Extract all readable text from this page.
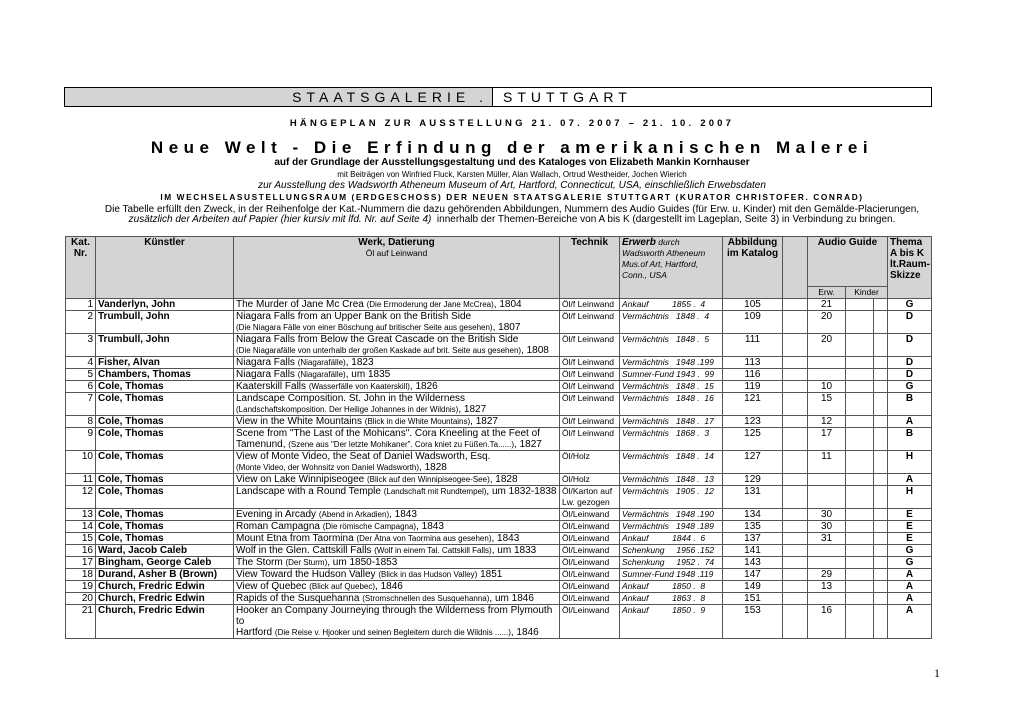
STAATSGALERIE .	STUTTGART
HÄNGEPLAN ZUR AUSSTELLUNG 21. 07. 2007 – 21. 10. 2007
Neue Welt - Die Erfindung der amerikanischen Malerei
auf der Grundlage der Ausstellungsgestaltung und des Kataloges von Elizabeth Mankin Kornhauser
mit Beiträgen von Winfried Fluck, Karsten Müller, Alan Wallach, Ortrud Westheider, Jochen Wierich
zur Ausstellung des Wadsworth Atheneum Museum of Art, Hartford, Connecticut, USA, einschließlich Erwebsdaten
IM WECHSELASUSTELLUNGSRAUM (ERDGESCHOSS) DER NEUEN STAATSGALERIE STUTTGART (KURATOR CHRISTOFER. CONRAD)
Die Tabelle erfüllt den Zweck, in der Reihenfolge der Kat.-Nummern die dazu gehörenden Abbildungen, Nummern des Audio Guides (für Erw. u. Kinder) mit den Gemälde-Placierungen,
zusätzlich der Arbeiten auf Papier (hier kursiv mit lfd. Nr. auf Seite 4) innerhalb der Themen-Bereiche von A bis K (dargestellt im Lageplan, Seite 3) in Verbindung zu bringen.
Kat. Nr.	Künstler	Werk, Datierung
Öl auf Leinwand	Technik	Erwerb durch Wadsworth Atheneum Mus.of Art, Hartford, Conn., USA	Abbildung im Katalog		Audio Guide			Thema A bis K lt.Raum-Skizze
							Erw.	Kinder		
1	Vanderlyn, John	The Murder of Jane Mc Crea (Die Ermoderung der Jane McCrea), 1804	Öl/f Leinwand	Ankauf          1855 .  4	105		21			G
2	Trumbull, John	Niagara Falls from an Upper Bank on the British Side
(Die Niagara Fälle von einer Böschung auf britischer Seite aus gesehen), 1807	Öl/f Leinwand	Vermächtnis   1848 .  4	109		20			D
3	Trumbull, John	Niagara Falls from Below the Great Cascade on the British Side
(Die Niagarafälle von unterhalb der großen Kaskade auf brit. Seite aus gesehen), 1808	Öl/f Leinwand	Vermächtnis   1848 .  5	111		20			D
4	Fisher, Alvan	Niagara Falls (Niagarafälle), 1823	Öl/f Leinwand	Vermächtnis   1948 .199	113					D
5	Chambers, Thomas	Niagara Falls (Niagarafälle), um 1835	Öl/f Leinwand	Sumner-Fund 1943 .  99	116					D
6	Cole, Thomas	Kaaterskill Falls (Wasserfälle von Kaaterskill), 1826	Öl/f Leinwand	Vermächtnis   1848 .  15	119		10			G
7	Cole, Thomas	Landscape Composition. St. John in the Wilderness
(Landschaftskomposition. Der Heilige Johannes in der Wildnis), 1827	Öl/f Leinwand	Vermächtnis   1848 .  16	121		15			B
8	Cole, Thomas	View in the White Mountains (Blick in die White Mountains), 1827	Öl/f Leinwand	Vermächtnis   1848 .  17	123		12			A
9	Cole, Thomas	Scene from "The Last of the Mohicans". Cora Kneeling at the Feet of
Tamenund, (Szene aus "Der letzte Mohikaner". Cora kniet zu Füßen.Ta......), 1827	Öl/f Leinwand	Vermächtnis   1868 .  3	125		17			B
10	Cole, Thomas	View of Monte Video, the Seat of Daniel Wadsworth, Esq.
(Monte Video, der Wohnsitz von Daniel Wadsworth), 1828	Öl/Holz	Vermächtnis   1848 .  14	127		11			H
11	Cole, Thomas	View on Lake Winnipiseogee (Blick auf den Winnipiseogee-See), 1828	Öl/Holz	Vermächtnis   1848 .  13	129					A
12	Cole, Thomas	Landscape with a Round Temple (Landschaft mit Rundtempel), um 1832-1838	Öl/Karton auf Lw. gezogen	Vermächtnis   1905 .  12	131					H
13	Cole, Thomas	Evening in Arcady (Abend in Arkadien), 1843	Öl/Leinwand	Vermächtnis   1948 .190	134		30			E
14	Cole, Thomas	Roman Campagna (Die römische Campagna), 1843	Öl/Leinwand	Vermächtnis   1948 .189	135		30			E
15	Cole, Thomas	Mount Etna from Taormina (Der Ätna von Taormina aus gesehen), 1843	Öl/Leinwand	Ankauf          1844 .  6	137		31			E
16	Ward, Jacob Caleb	Wolf in the Glen. Cattskill Falls (Wolf in einem Tal. Cattskill Falls), um 1833	Öl/Leinwand	Schenkung     1956 .152	141					G
17	Bingham, George Caleb	The Storm (Der Sturm), um 1850-1853	Öl/Leinwand	Schenkung     1952 .  74	143					G
18	Durand, Asher B (Brown)	View Toward the Hudson Valley (Blick in das Hudson Valley) 1851	Öl/Leinwand	Sumner-Fund 1948 .119	147		29			A
19	Church, Fredric Edwin	View of Quebec (Blick auf Quebec), 1846	Öl/Leinwand	Ankauf          1850 .  8	149		13			A
20	Church, Fredric Edwin	Rapids of the Susquehanna (Stromschnellen des Susquehanna), um 1846	Öl/Leinwand	Ankauf          1863 .  8	151					A
21	Church, Fredric Edwin	Hooker an Company Journeying through the Wilderness from Plymouth to
Hartford (Die Reise v. Hjooker und seinen Begleitern durch die Wildnis ......), 1846	Öl/Leinwand	Ankauf          1850 .  9	153		16			A
1
